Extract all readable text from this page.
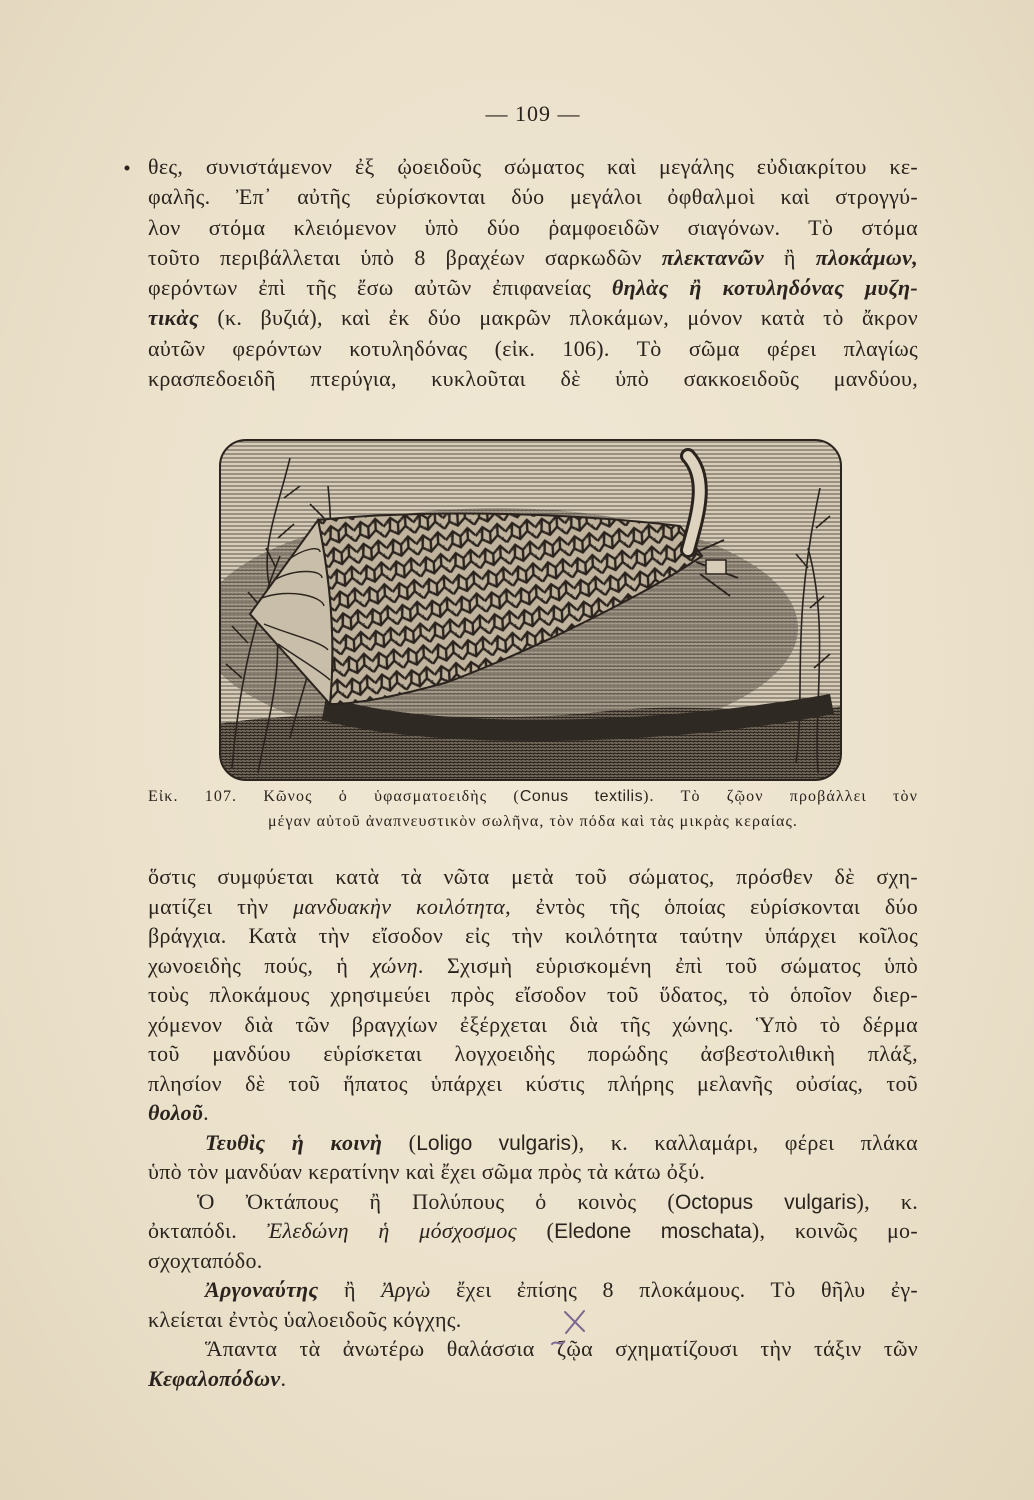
— 109 —
θες, συνιστάμενον ἐξ ᾠοειδοῦς σώματος καὶ μεγάλης εὐδιακρίτου κε-
φαλῆς. Ἐπ᾽ αὐτῆς εὑρίσκονται δύο μεγάλοι ὀφθαλμοὶ καὶ στρογγύ-
λον στόμα κλειόμενον ὑπὸ δύο ῥαμφοειδῶν σιαγόνων. Τὸ στόμα
τοῦτο περιβάλλεται ὑπὸ 8 βραχέων σαρκωδῶν πλεκτανῶν ἢ πλοκάμων,
φερόντων ἐπὶ τῆς ἔσω αὐτῶν ἐπιφανείας θηλὰς ἢ κοτυληδόνας μυζη-
τικὰς (κ. βυζιά), καὶ ἐκ δύο μακρῶν πλοκάμων, μόνον κατὰ τὸ ἄκρον
αὐτῶν φερόντων κοτυληδόνας (εἰκ. 106). Τὸ σῶμα φέρει πλαγίως
κρασπεδοειδῆ πτερύγια, κυκλοῦται δὲ ὑπὸ σακκοειδοῦς μανδύου,
Εἰκ. 107. Κῶνος ὁ ὑφασματοειδὴς (Conus textilis). Τὸ ζῷον προβάλλει τὸν
μέγαν αὐτοῦ ἀναπνευστικὸν σωλῆνα, τὸν πόδα καὶ τὰς μικρὰς κεραίας.
ὅστις συμφύεται κατὰ τὰ νῶτα μετὰ τοῦ σώματος, πρόσθεν δὲ σχη-
ματίζει τὴν μανδυακὴν κοιλότητα, ἐντὸς τῆς ὁποίας εὑρίσκονται δύο
βράγχια. Κατὰ τὴν εἴσοδον εἰς τὴν κοιλότητα ταύτην ὑπάρχει κοῖλος
χωνοειδὴς πούς, ἡ χώνη. Σχισμὴ εὑρισκομένη ἐπὶ τοῦ σώματος ὑπὸ
τοὺς πλοκάμους χρησιμεύει πρὸς εἴσοδον τοῦ ὕδατος, τὸ ὁποῖον διερ-
χόμενον διὰ τῶν βραγχίων ἐξέρχεται διὰ τῆς χώνης. Ὑπὸ τὸ δέρμα
τοῦ μανδύου εὑρίσκεται λογχοειδὴς πορώδης ἀσβεστολιθικὴ πλάξ,
πλησίον δὲ τοῦ ἥπατος ὑπάρχει κύστις πλήρης μελανῆς οὐσίας, τοῦ
θολοῦ.
Τευθὶς ἡ κοινὴ (Loligo vulgaris), κ. καλλαμάρι, φέρει πλάκα
ὑπὸ τὸν μανδύαν κερατίνην καὶ ἔχει σῶμα πρὸς τὰ κάτω ὀξύ.
Ὁ Ὀκτάπους ἢ Πολύπους ὁ κοινὸς (Octopus vulgaris), κ.
ὀκταπόδι. Ἐλεδώνη ἡ μόσχοσμος (Eledone moschata), κοινῶς μο-
σχοχταπόδο.
Ἀργοναύτης ἢ Ἀργὼ ἔχει ἐπίσης 8 πλοκάμους. Τὸ θῆλυ ἐγ-
κλείεται ἐντὸς ὑαλοειδοῦς κόγχης.
Ἅπαντα τὰ ἀνωτέρω θαλάσσια ζῷα σχηματίζουσι τὴν τάξιν τῶν
Κεφαλοπόδων.
